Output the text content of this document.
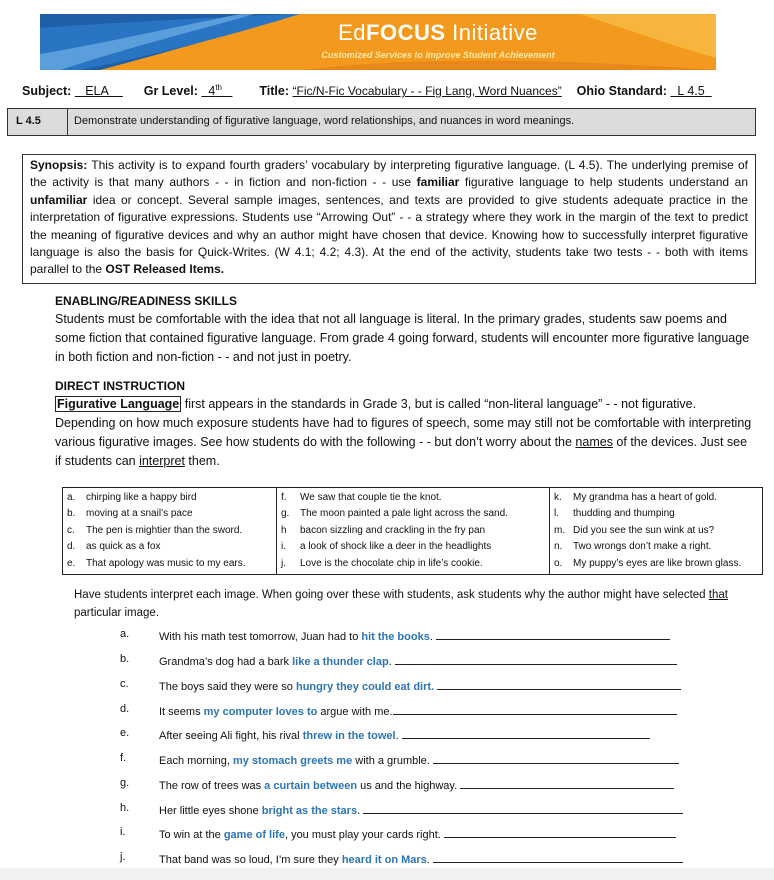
EdFOCUS Initiative
Customized Services to Improve Student Achievement
Subject: ELA	Gr Level: 4th	Title: “Fic/N-Fic Vocabulary - - Fig Lang, Word Nuances” Ohio Standard: L 4.5
L 4.5	Demonstrate understanding of figurative language, word relationships, and nuances in word meanings.
Synopsis: This activity is to expand fourth graders’ vocabulary by interpreting figurative language. (L 4.5). The underlying premise of the activity is that many authors - - in fiction and non-fiction - - use familiar figurative language to help students understand an unfamiliar idea or concept. Several sample images, sentences, and texts are provided to give students adequate practice in the interpretation of figurative expressions. Students use “Arrowing Out” - - a strategy where they work in the margin of the text to predict the meaning of figurative devices and why an author might have chosen that device. Knowing how to successfully interpret figurative language is also the basis for Quick-Writes. (W 4.1; 4.2; 4.3). At the end of the activity, students take two tests - - both with items parallel to the OST Released Items.
ENABLING/READINESS SKILLS
Students must be comfortable with the idea that not all language is literal. In the primary grades, students saw poems and some fiction that contained figurative language. From grade 4 going forward, students will encounter more figurative language in both fiction and non-fiction - - and not just in poetry.
DIRECT INSTRUCTION
Figurative Language first appears in the standards in Grade 3, but is called “non-literal language” - - not figurative. Depending on how much exposure students have had to figures of speech, some may still not be comfortable with interpreting various figurative images. See how students do with the following - - but don’t worry about the names of the devices. Just see if students can interpret them.
a.	chirping like a happy bird
b.	moving at a snail’s pace
c.	The pen is mightier than the sword.
d.	as quick as a fox
e.	That apology was music to my ears.

f.	We saw that couple tie the knot.
g.	The moon painted a pale light across the sand.
h	bacon sizzling and crackling in the fry pan
i.	a look of shock like a deer in the headlights
j.	Love is the chocolate chip in life’s cookie.

k.	My grandma has a heart of gold.
l.	thudding and thumping
m. Did you see the sun wink at us?
n.	Two wrongs don’t make a right.
o.	My puppy’s eyes are like brown glass.
Have students interpret each image. When going over these with students, ask students why the author might have selected that particular image.
a.	With his math test tomorrow, Juan had to hit the books.
b.	Grandma’s dog had a bark like a thunder clap.
c.	The boys said they were so hungry they could eat dirt.
d.	It seems my computer loves to argue with me.
e.	After seeing Ali fight, his rival threw in the towel.
f.	Each morning, my stomach greets me with a grumble.
g.	The row of trees was a curtain between us and the highway.
h.	Her little eyes shone bright as the stars.
i.	To win at the game of life, you must play your cards right.
j.	That band was so loud, I’m sure they heard it on Mars.
